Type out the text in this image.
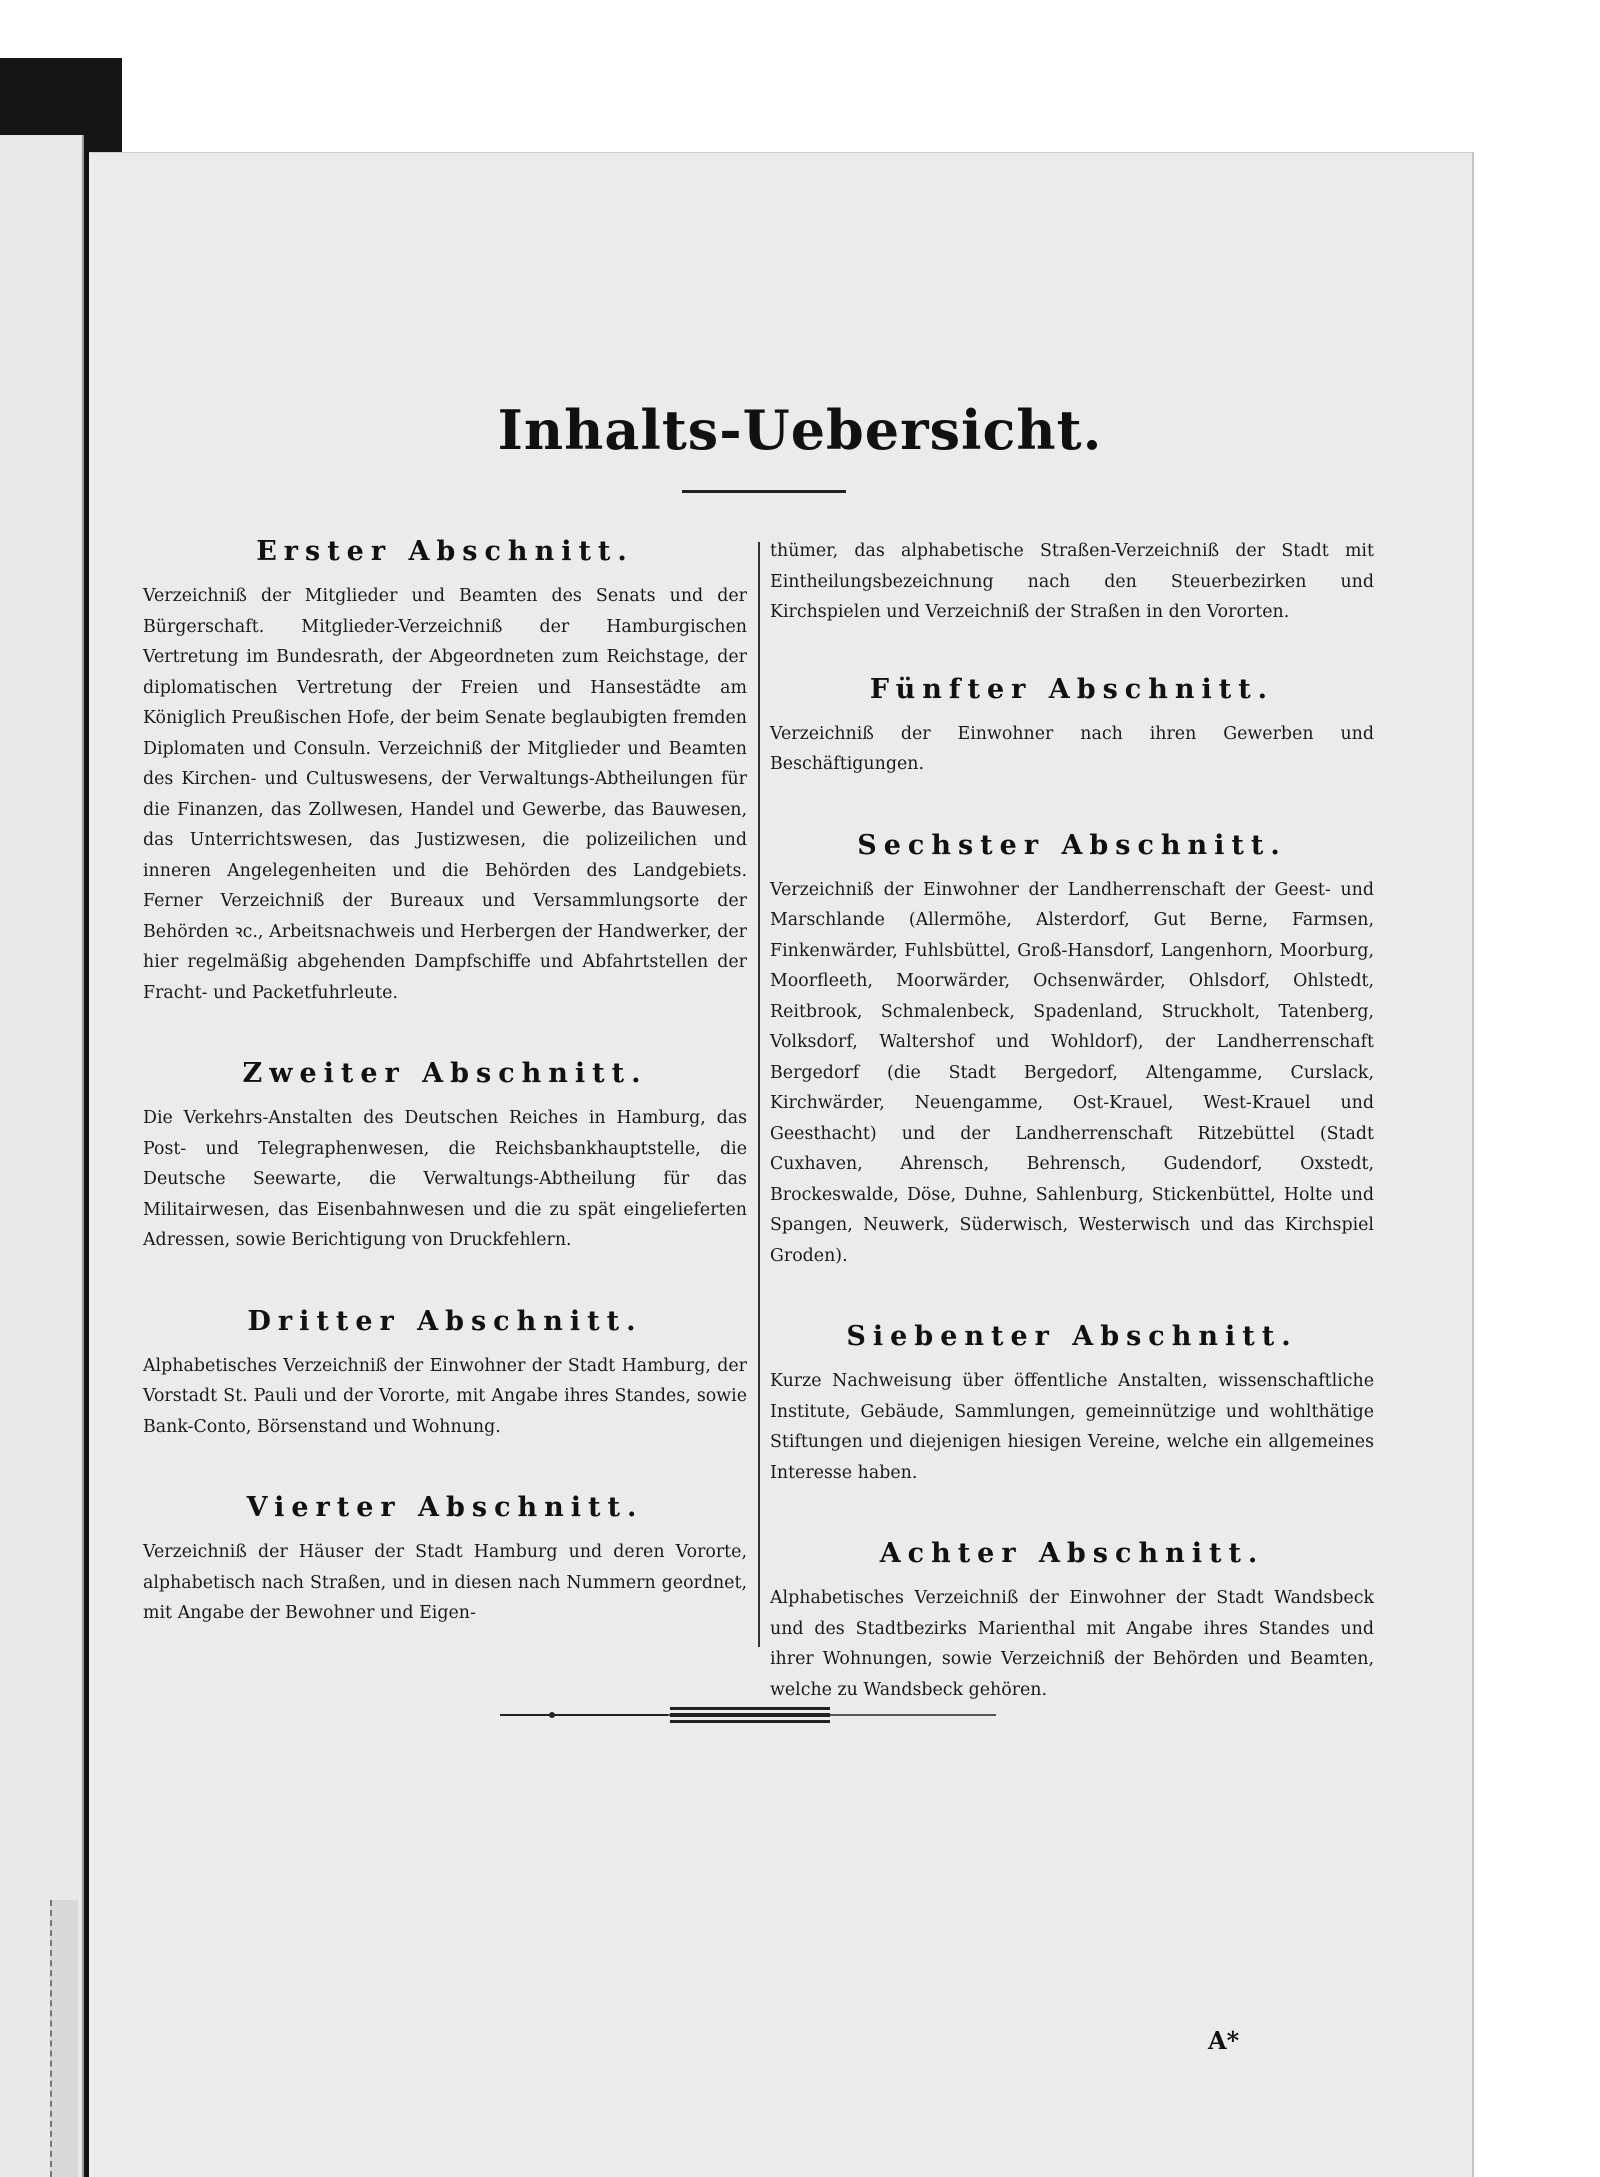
Inhalts-Uebersicht.
Erster Abschnitt.

Verzeichniß der Mitglieder und Beamten des Senats und der Bürgerschaft. Mitglieder-Verzeichniß der Hamburgischen Vertretung im Bundesrath, der Abgeordneten zum Reichstage, der diplomatischen Vertretung der Freien und Hansestädte am Königlich Preußischen Hofe, der beim Senate beglaubigten fremden Diplomaten und Consuln. Verzeichniß der Mitglieder und Beamten des Kirchen- und Cultuswesens, der Verwaltungs-Abtheilungen für die Finanzen, das Zollwesen, Handel und Gewerbe, das Bauwesen, das Unterrichtswesen, das Justizwesen, die polizeilichen und inneren Angelegenheiten und die Behörden des Landgebiets. Ferner Verzeichniß der Bureaux und Versammlungsorte der Behörden ꝛc., Arbeitsnachweis und Herbergen der Handwerker, der hier regelmäßig abgehenden Dampfschiffe und Abfahrtstellen der Fracht- und Packetfuhrleute.

Zweiter Abschnitt.

Die Verkehrs-Anstalten des Deutschen Reiches in Hamburg, das Post- und Telegraphenwesen, die Reichsbankhauptstelle, die Deutsche Seewarte, die Verwaltungs-Abtheilung für das Militairwesen, das Eisenbahnwesen und die zu spät eingelieferten Adressen, sowie Berichtigung von Druckfehlern.

Dritter Abschnitt.

Alphabetisches Verzeichniß der Einwohner der Stadt Hamburg, der Vorstadt St. Pauli und der Vororte, mit Angabe ihres Standes, sowie Bank-Conto, Börsenstand und Wohnung.

Vierter Abschnitt.

Verzeichniß der Häuser der Stadt Hamburg und deren Vororte, alphabetisch nach Straßen, und in diesen nach Nummern geordnet, mit Angabe der Bewohner und Eigen-

thümer, das alphabetische Straßen-Verzeichniß der Stadt mit Eintheilungsbezeichnung nach den Steuerbezirken und Kirchspielen und Verzeichniß der Straßen in den Vororten.

Fünfter Abschnitt.

Verzeichniß der Einwohner nach ihren Gewerben und Beschäftigungen.

Sechster Abschnitt.

Verzeichniß der Einwohner der Landherrenschaft der Geest- und Marschlande (Allermöhe, Alsterdorf, Gut Berne, Farmsen, Finkenwärder, Fuhlsbüttel, Groß-Hansdorf, Langenhorn, Moorburg, Moorfleeth, Moorwärder, Ochsenwärder, Ohlsdorf, Ohlstedt, Reitbrook, Schmalenbeck, Spadenland, Struckholt, Tatenberg, Volksdorf, Waltershof und Wohldorf), der Landherrenschaft Bergedorf (die Stadt Bergedorf, Altengamme, Curslack, Kirchwärder, Neuengamme, Ost-Krauel, West-Krauel und Geesthacht) und der Landherrenschaft Ritzebüttel (Stadt Cuxhaven, Ahrensch, Behrensch, Gudendorf, Oxstedt, Brockeswalde, Döse, Duhne, Sahlenburg, Stickenbüttel, Holte und Spangen, Neuwerk, Süderwisch, Westerwisch und das Kirchspiel Groden).

Siebenter Abschnitt.

Kurze Nachweisung über öffentliche Anstalten, wissenschaftliche Institute, Gebäude, Sammlungen, gemeinnützige und wohlthätige Stiftungen und diejenigen hiesigen Vereine, welche ein allgemeines Interesse haben.

Achter Abschnitt.

Alphabetisches Verzeichniß der Einwohner der Stadt Wandsbeck und des Stadtbezirks Marienthal mit Angabe ihres Standes und ihrer Wohnungen, sowie Verzeichniß der Behörden und Beamten, welche zu Wandsbeck gehören.

A*
